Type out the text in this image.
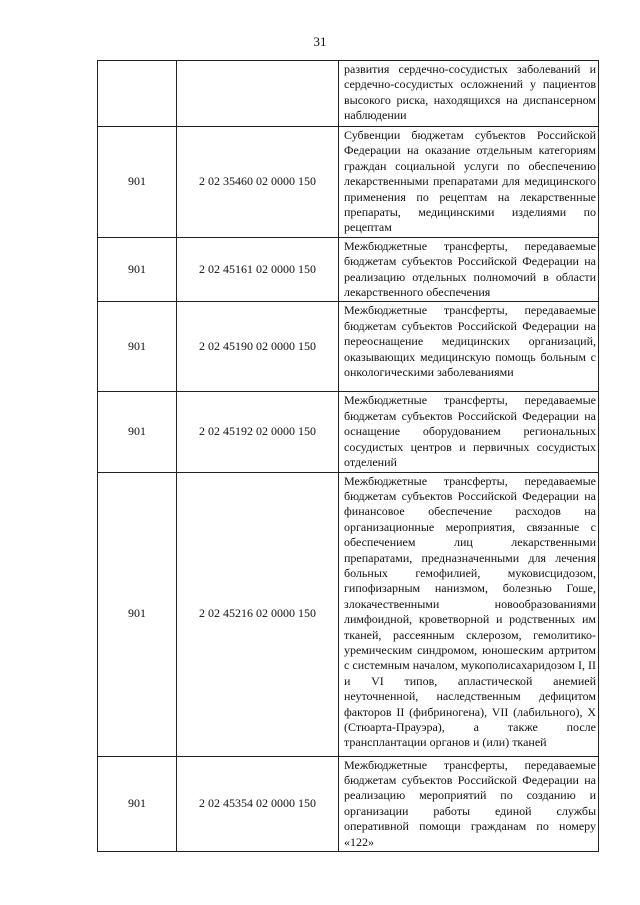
31

		развития сердечно-сосудистых заболеваний и сердечно-сосудистых осложнений у пациентов высокого риска, находящихся на диспансерном наблюдении

901	2 02 35460 02 0000 150	Субвенции бюджетам субъектов Российской Федерации на оказание отдельным категориям граждан социальной услуги по обеспечению лекарственными препаратами для медицинского применения по рецептам на лекарственные препараты, медицинскими изделиями по рецептам

901	2 02 45161 02 0000 150	Межбюджетные трансферты, передаваемые бюджетам субъектов Российской Федерации на реализацию отдельных полномочий в области лекарственного обеспечения

901	2 02 45190 02 0000 150	Межбюджетные трансферты, передаваемые бюджетам субъектов Российской Федерации на переоснащение медицинских организаций, оказывающих медицинскую помощь больным с онкологическими заболеваниями

901	2 02 45192 02 0000 150	Межбюджетные трансферты, передаваемые бюджетам субъектов Российской Федерации на оснащение оборудованием региональных сосудистых центров и первичных сосудистых отделений

901	2 02 45216 02 0000 150	Межбюджетные трансферты, передаваемые бюджетам субъектов Российской Федерации на финансовое обеспечение расходов на организационные мероприятия, связанные с обеспечением лиц лекарственными препаратами, предназначенными для лечения больных гемофилией, муковисцидозом, гипофизарным нанизмом, болезнью Гоше, злокачественными новообразованиями лимфоидной, кроветворной и родственных им тканей, рассеянным склерозом, гемолитико-уремическим синдромом, юношеским артритом с системным началом, мукополисахаридозом I, II и VI типов, апластической анемией неуточненной, наследственным дефицитом факторов II (фибриногена), VII (лабильного), X (Стюарта-Прауэра), а также после трансплантации органов и (или) тканей

901	2 02 45354 02 0000 150	Межбюджетные трансферты, передаваемые бюджетам субъектов Российской Федерации на реализацию мероприятий по созданию и организации работы единой службы оперативной помощи гражданам по номеру «122»
